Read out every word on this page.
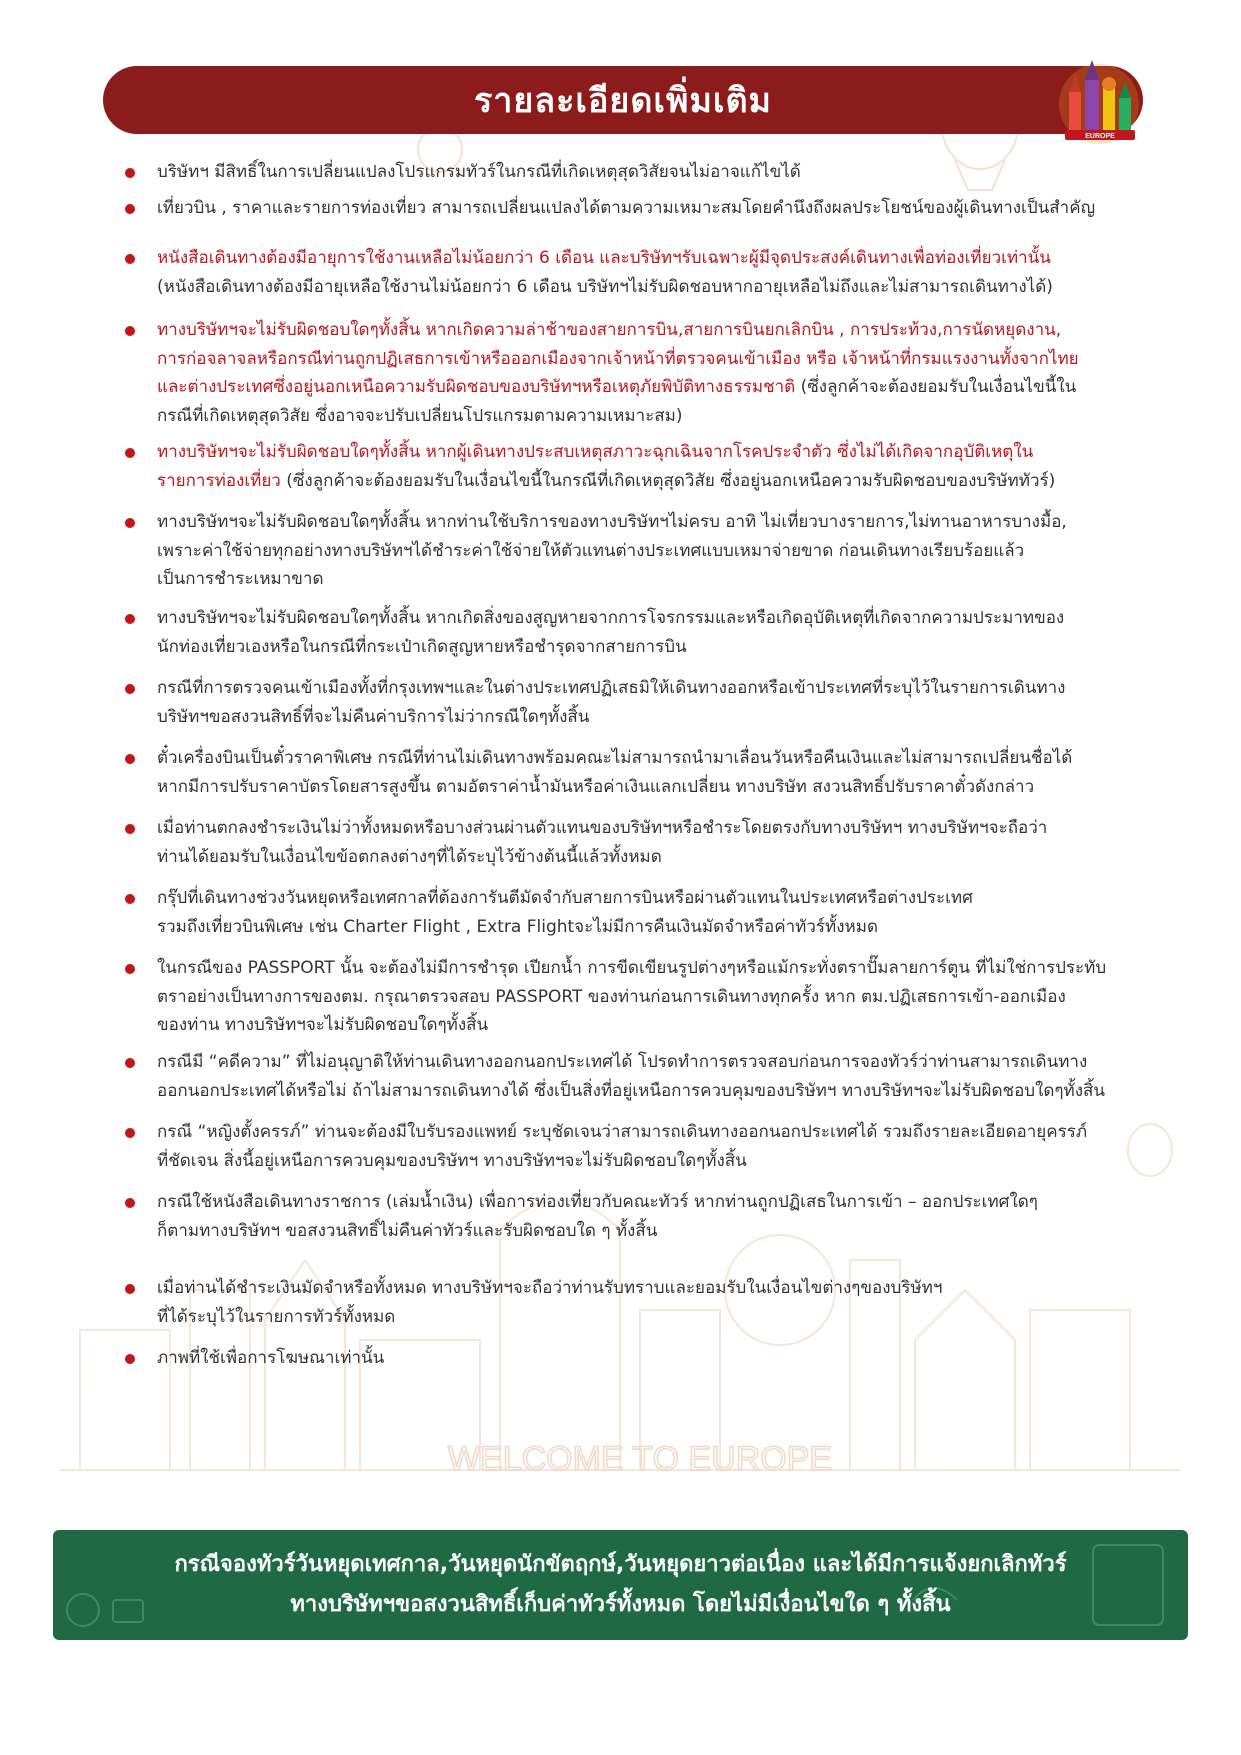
WELCOME TO EUROPE
รายละเอียดเพิ่มเติม
EUROPE

บริษัทฯ มีสิทธิ์ในการเปลี่ยนแปลงโปรแกรมทัวร์ในกรณีที่เกิดเหตุสุดวิสัยจนไม่อาจแก้ไขได้

เที่ยวบิน , ราคาและรายการท่องเที่ยว สามารถเปลี่ยนแปลงได้ตามความเหมาะสมโดยคำนึงถึงผลประโยชน์ของผู้เดินทางเป็นสำคัญ

หนังสือเดินทางต้องมีอายุการใช้งานเหลือไม่น้อยกว่า 6 เดือน และบริษัทฯรับเฉพาะผู้มีจุดประสงค์เดินทางเพื่อท่องเที่ยวเท่านั้น

(หนังสือเดินทางต้องมีอายุเหลือใช้งานไม่น้อยกว่า 6 เดือน บริษัทฯไม่รับผิดชอบหากอายุเหลือไม่ถึงและไม่สามารถเดินทางได้)

ทางบริษัทฯจะไม่รับผิดชอบใดๆทั้งสิ้น หากเกิดความล่าช้าของสายการบิน,สายการบินยกเลิกบิน , การประท้วง,การนัดหยุดงาน,

การก่อจลาจลหรือกรณีท่านถูกปฏิเสธการเข้าหรือออกเมืองจากเจ้าหน้าที่ตรวจคนเข้าเมือง หรือ เจ้าหน้าที่กรมแรงงานทั้งจากไทย

และต่างประเทศซึ่งอยู่นอกเหนือความรับผิดชอบของบริษัทฯหรือเหตุภัยพิบัติทางธรรมชาติ (ซึ่งลูกค้าจะต้องยอมรับในเงื่อนไขนี้ใน

กรณีที่เกิดเหตุสุดวิสัย ซึ่งอาจจะปรับเปลี่ยนโปรแกรมตามความเหมาะสม)

ทางบริษัทฯจะไม่รับผิดชอบใดๆทั้งสิ้น หากผู้เดินทางประสบเหตุสภาวะฉุกเฉินจากโรคประจำตัว ซึ่งไม่ได้เกิดจากอุบัติเหตุใน

รายการท่องเที่ยว (ซึ่งลูกค้าจะต้องยอมรับในเงื่อนไขนี้ในกรณีที่เกิดเหตุสุดวิสัย ซึ่งอยู่นอกเหนือความรับผิดชอบของบริษัททัวร์)

ทางบริษัทฯจะไม่รับผิดชอบใดๆทั้งสิ้น หากท่านใช้บริการของทางบริษัทฯไม่ครบ อาทิ ไม่เที่ยวบางรายการ,ไม่ทานอาหารบางมื้อ,

เพราะค่าใช้จ่ายทุกอย่างทางบริษัทฯได้ชำระค่าใช้จ่ายให้ตัวแทนต่างประเทศแบบเหมาจ่ายขาด ก่อนเดินทางเรียบร้อยแล้ว

เป็นการชำระเหมาขาด

ทางบริษัทฯจะไม่รับผิดชอบใดๆทั้งสิ้น หากเกิดสิ่งของสูญหายจากการโจรกรรมและหรือเกิดอุบัติเหตุที่เกิดจากความประมาทของ

นักท่องเที่ยวเองหรือในกรณีที่กระเป๋าเกิดสูญหายหรือชำรุดจากสายการบิน

กรณีที่การตรวจคนเข้าเมืองทั้งที่กรุงเทพฯและในต่างประเทศปฏิเสธมิให้เดินทางออกหรือเข้าประเทศที่ระบุไว้ในรายการเดินทาง

บริษัทฯขอสงวนสิทธิ์ที่จะไม่คืนค่าบริการไม่ว่ากรณีใดๆทั้งสิ้น

ตั๋วเครื่องบินเป็นตั๋วราคาพิเศษ กรณีที่ท่านไม่เดินทางพร้อมคณะไม่สามารถนำมาเลื่อนวันหรือคืนเงินและไม่สามารถเปลี่ยนชื่อได้

หากมีการปรับราคาบัตรโดยสารสูงขึ้น ตามอัตราค่าน้ำมันหรือค่าเงินแลกเปลี่ยน ทางบริษัท สงวนสิทธิ์ปรับราคาตั๋วดังกล่าว

เมื่อท่านตกลงชำระเงินไม่ว่าทั้งหมดหรือบางส่วนผ่านตัวแทนของบริษัทฯหรือชำระโดยตรงกับทางบริษัทฯ ทางบริษัทฯจะถือว่า

ท่านได้ยอมรับในเงื่อนไขข้อตกลงต่างๆที่ได้ระบุไว้ข้างต้นนี้แล้วทั้งหมด

กรุ๊ปที่เดินทางช่วงวันหยุดหรือเทศกาลที่ต้องการันตีมัดจำกับสายการบินหรือผ่านตัวแทนในประเทศหรือต่างประเทศ

รวมถึงเที่ยวบินพิเศษ เช่น Charter Flight , Extra Flightจะไม่มีการคืนเงินมัดจำหรือค่าทัวร์ทั้งหมด

ในกรณีของ PASSPORT นั้น จะต้องไม่มีการชำรุด เปียกน้ำ การขีดเขียนรูปต่างๆหรือแม้กระทั่งตราปั๊มลายการ์ตูน ที่ไม่ใช่การประทับ

ตราอย่างเป็นทางการของตม. กรุณาตรวจสอบ PASSPORT ของท่านก่อนการเดินทางทุกครั้ง หาก ตม.ปฏิเสธการเข้า-ออกเมือง

ของท่าน ทางบริษัทฯจะไม่รับผิดชอบใดๆทั้งสิ้น

กรณีมี “คดีความ” ที่ไม่อนุญาติให้ท่านเดินทางออกนอกประเทศได้ โปรดทำการตรวจสอบก่อนการจองทัวร์ว่าท่านสามารถเดินทาง

ออกนอกประเทศได้หรือไม่ ถ้าไม่สามารถเดินทางได้ ซึ่งเป็นสิ่งที่อยู่เหนือการควบคุมของบริษัทฯ ทางบริษัทฯจะไม่รับผิดชอบใดๆทั้งสิ้น

กรณี “หญิงตั้งครรภ์” ท่านจะต้องมีใบรับรองแพทย์ ระบุชัดเจนว่าสามารถเดินทางออกนอกประเทศได้ รวมถึงรายละเอียดอายุครรภ์

ที่ชัดเจน สิ่งนี้อยู่เหนือการควบคุมของบริษัทฯ ทางบริษัทฯจะไม่รับผิดชอบใดๆทั้งสิ้น

กรณีใช้หนังสือเดินทางราชการ (เล่มน้ำเงิน) เพื่อการท่องเที่ยวกับคณะทัวร์ หากท่านถูกปฏิเสธในการเข้า – ออกประเทศใดๆ

ก็ตามทางบริษัทฯ ขอสงวนสิทธิ์ไม่คืนค่าทัวร์และรับผิดชอบใด ๆ ทั้งสิ้น

เมื่อท่านได้ชำระเงินมัดจำหรือทั้งหมด ทางบริษัทฯจะถือว่าท่านรับทราบและยอมรับในเงื่อนไขต่างๆของบริษัทฯ

ที่ได้ระบุไว้ในรายการทัวร์ทั้งหมด

ภาพที่ใช้เพื่อการโฆษณาเท่านั้น

กรณีจองทัวร์วันหยุดเทศกาล,วันหยุดนักขัตฤกษ์,วันหยุดยาวต่อเนื่อง และได้มีการแจ้งยกเลิกทัวร์
ทางบริษัทฯขอสงวนสิทธิ์เก็บค่าทัวร์ทั้งหมด โดยไม่มีเงื่อนไขใด ๆ ทั้งสิ้น
